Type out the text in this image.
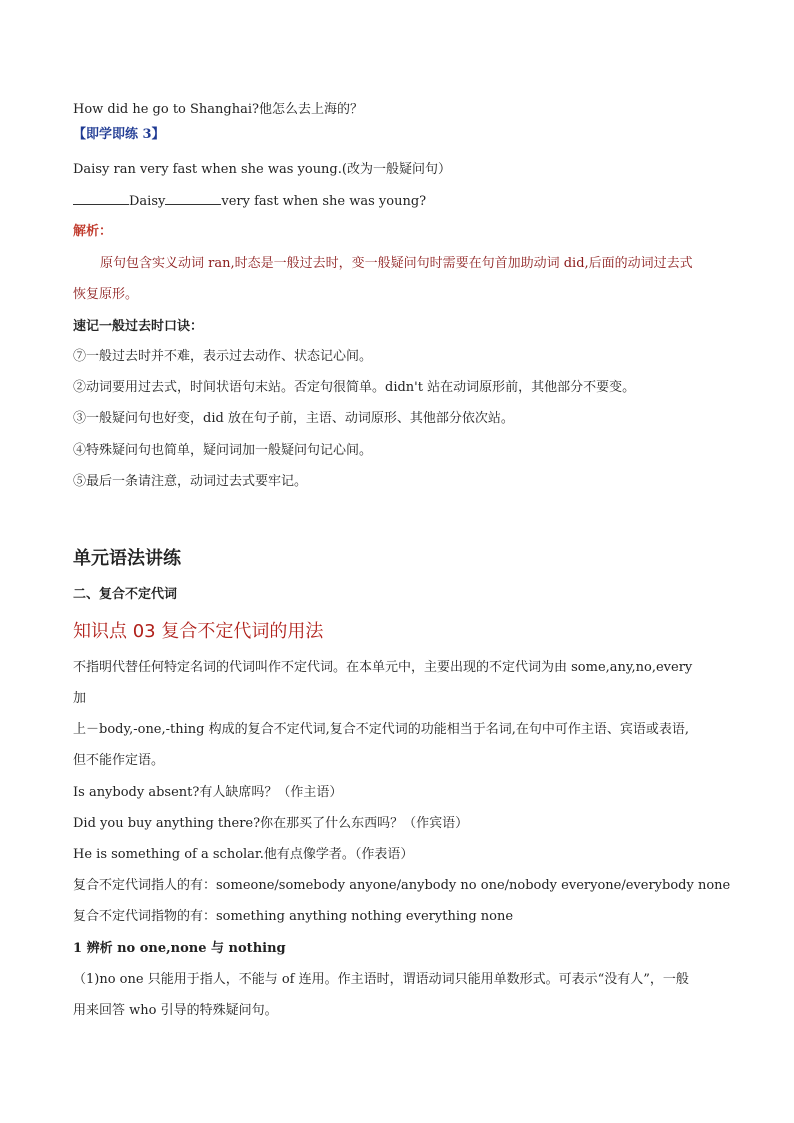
How did he go to Shanghai?他怎么去上海的？
【即学即练 3】
Daisy ran very fast when she was young.(改为一般疑问句）
Daisy	very fast when she was young?
解析：
原句包含实义动词 ran,时态是一般过去时，变一般疑问句时需要在句首加助动词 did,后面的动词过去式
恢复原形。
速记一般过去时口诀：
⑦一般过去时并不难，表示过去动作、状态记心间。
②动词要用过去式，时间状语句末站。否定句很简单。didn't 站在动词原形前，其他部分不要变。
③一般疑问句也好变，did 放在句子前，主语、动词原形、其他部分依次站。
④特殊疑问句也简单，疑问词加一般疑问句记心间。
⑤最后一条请注意，动词过去式要牢记。
单元语法讲练
二、复合不定代词
知识点 03 复合不定代词的用法
不指明代替任何特定名词的代词叫作不定代词。在本单元中，主要出现的不定代词为由 some,any,no,every
加
上－body,-one,-thing 构成的复合不定代词,复合不定代词的功能相当于名词,在句中可作主语、宾语或表语,
但不能作定语。
Is anybody absent?有人缺席吗？（作主语）
Did you buy anything there?你在那买了什么东西吗？（作宾语）
He is something of a scholar.他有点像学者。（作表语）
复合不定代词指人的有：someone/somebody anyone/anybody no one/nobody everyone/everybody none
复合不定代词指物的有：something anything nothing everything none
1 辨析 no one,none 与 nothing
（1)no one 只能用于指人，不能与 of 连用。作主语时，谓语动词只能用单数形式。可表示“没有人”，一般
用来回答 who 引导的特殊疑问句。
